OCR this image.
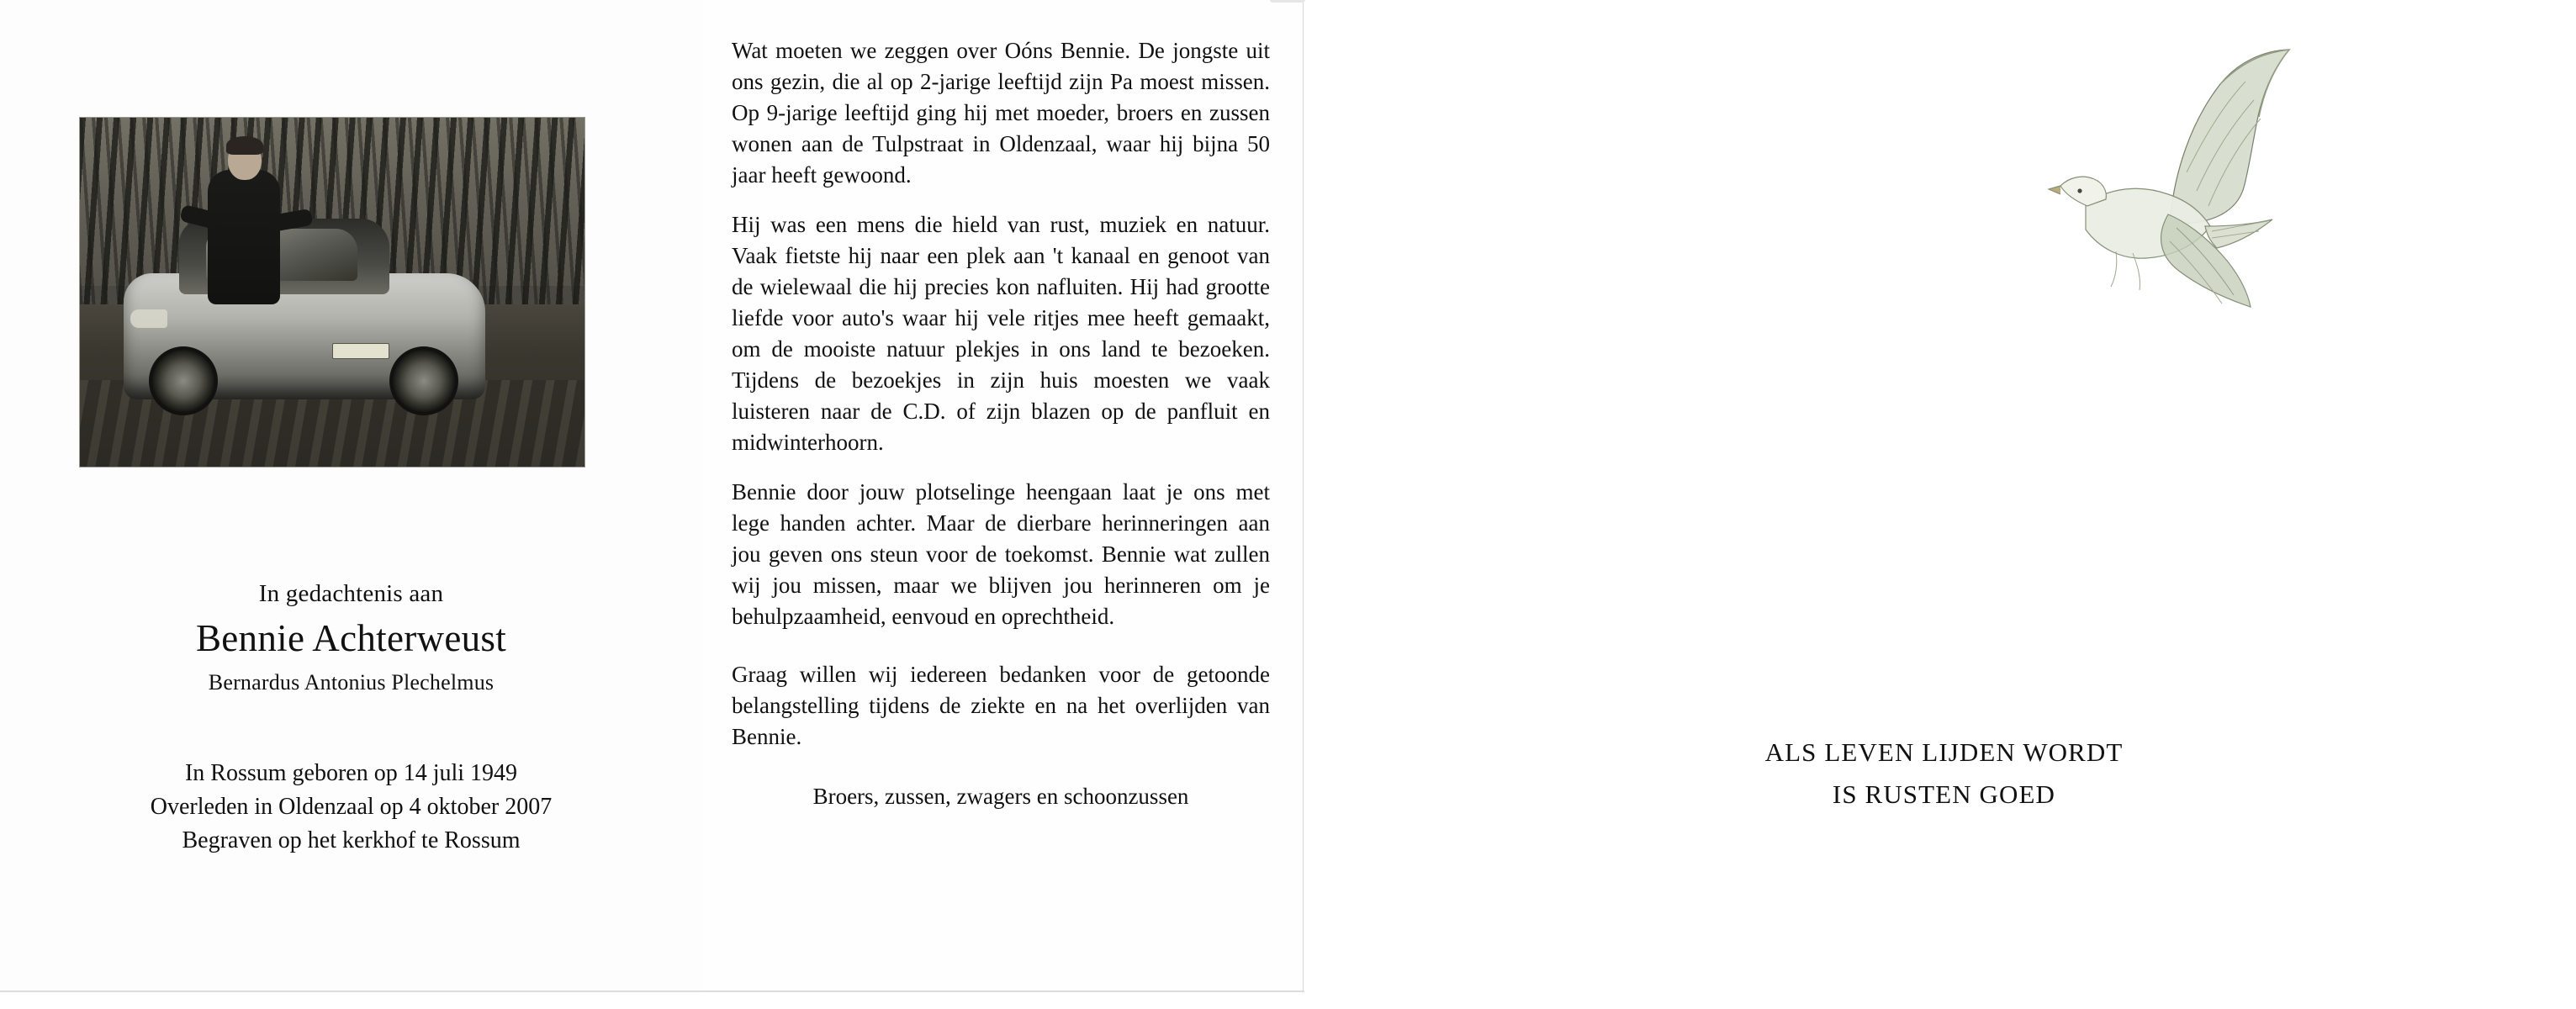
In gedachtenis aan
Bennie Achterweust
Bernardus Antonius Plechelmus
In Rossum geboren op 14 juli 1949
Overleden in Oldenzaal op 4 oktober 2007
Begraven op het kerkhof te Rossum

Wat moeten we zeggen over Oóns Bennie. De jongste uit ons gezin, die al op 2-jarige leeftijd zijn Pa moest missen. Op 9-jarige leeftijd ging hij met moeder, broers en zussen wonen aan de Tulpstraat in Oldenzaal, waar hij bijna 50 jaar heeft gewoond.

Hij was een mens die hield van rust, muziek en natuur. Vaak fietste hij naar een plek aan 't kanaal en genoot van de wielewaal die hij precies kon nafluiten. Hij had grootte liefde voor auto's waar hij vele ritjes mee heeft gemaakt, om de mooiste natuur plekjes in ons land te bezoeken. Tijdens de bezoekjes in zijn huis moesten we vaak luisteren naar de C.D. of zijn blazen op de panfluit en midwinterhoorn.

Bennie door jouw plotselinge heengaan laat je ons met lege handen achter. Maar de dierbare herinneringen aan jou geven ons steun voor de toekomst. Bennie wat zullen wij jou missen, maar we blijven jou herinneren om je behulpzaamheid, eenvoud en oprechtheid.

Graag willen wij iedereen bedanken voor de getoonde belangstelling tijdens de ziekte en na het overlijden van Bennie.

Broers, zussen, zwagers en schoonzussen

ALS LEVEN LIJDEN WORDT
IS RUSTEN GOED
